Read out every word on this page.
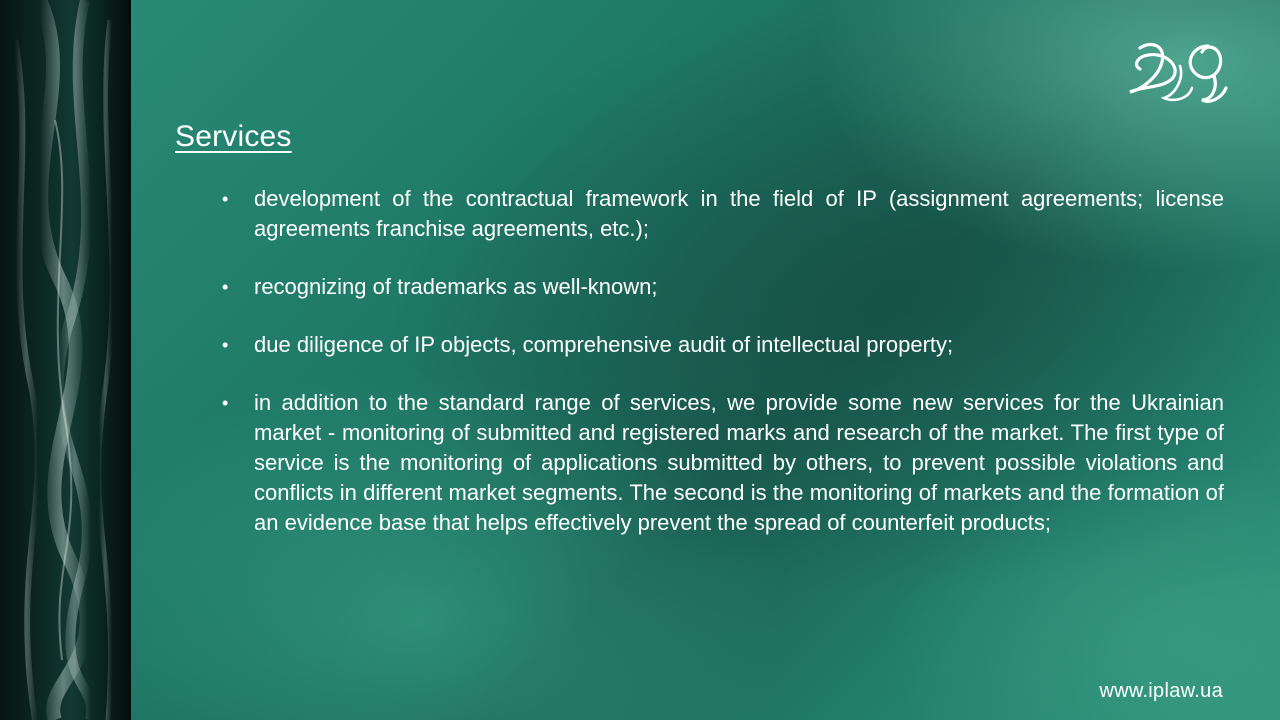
Services
• development of the contractual framework in the field of IP (assignment agreements; license agreements franchise agreements, etc.);
• recognizing of trademarks as well-known;
• due diligence of IP objects, comprehensive audit of intellectual property;
• in addition to the standard range of services, we provide some new services for the Ukrainian market - monitoring of submitted and registered marks and research of the market. The first type of service is the monitoring of applications submitted by others, to prevent possible violations and conflicts in different market segments. The second is the monitoring of markets and the formation of an evidence base that helps effectively prevent the spread of counterfeit products;
www.iplaw.ua
